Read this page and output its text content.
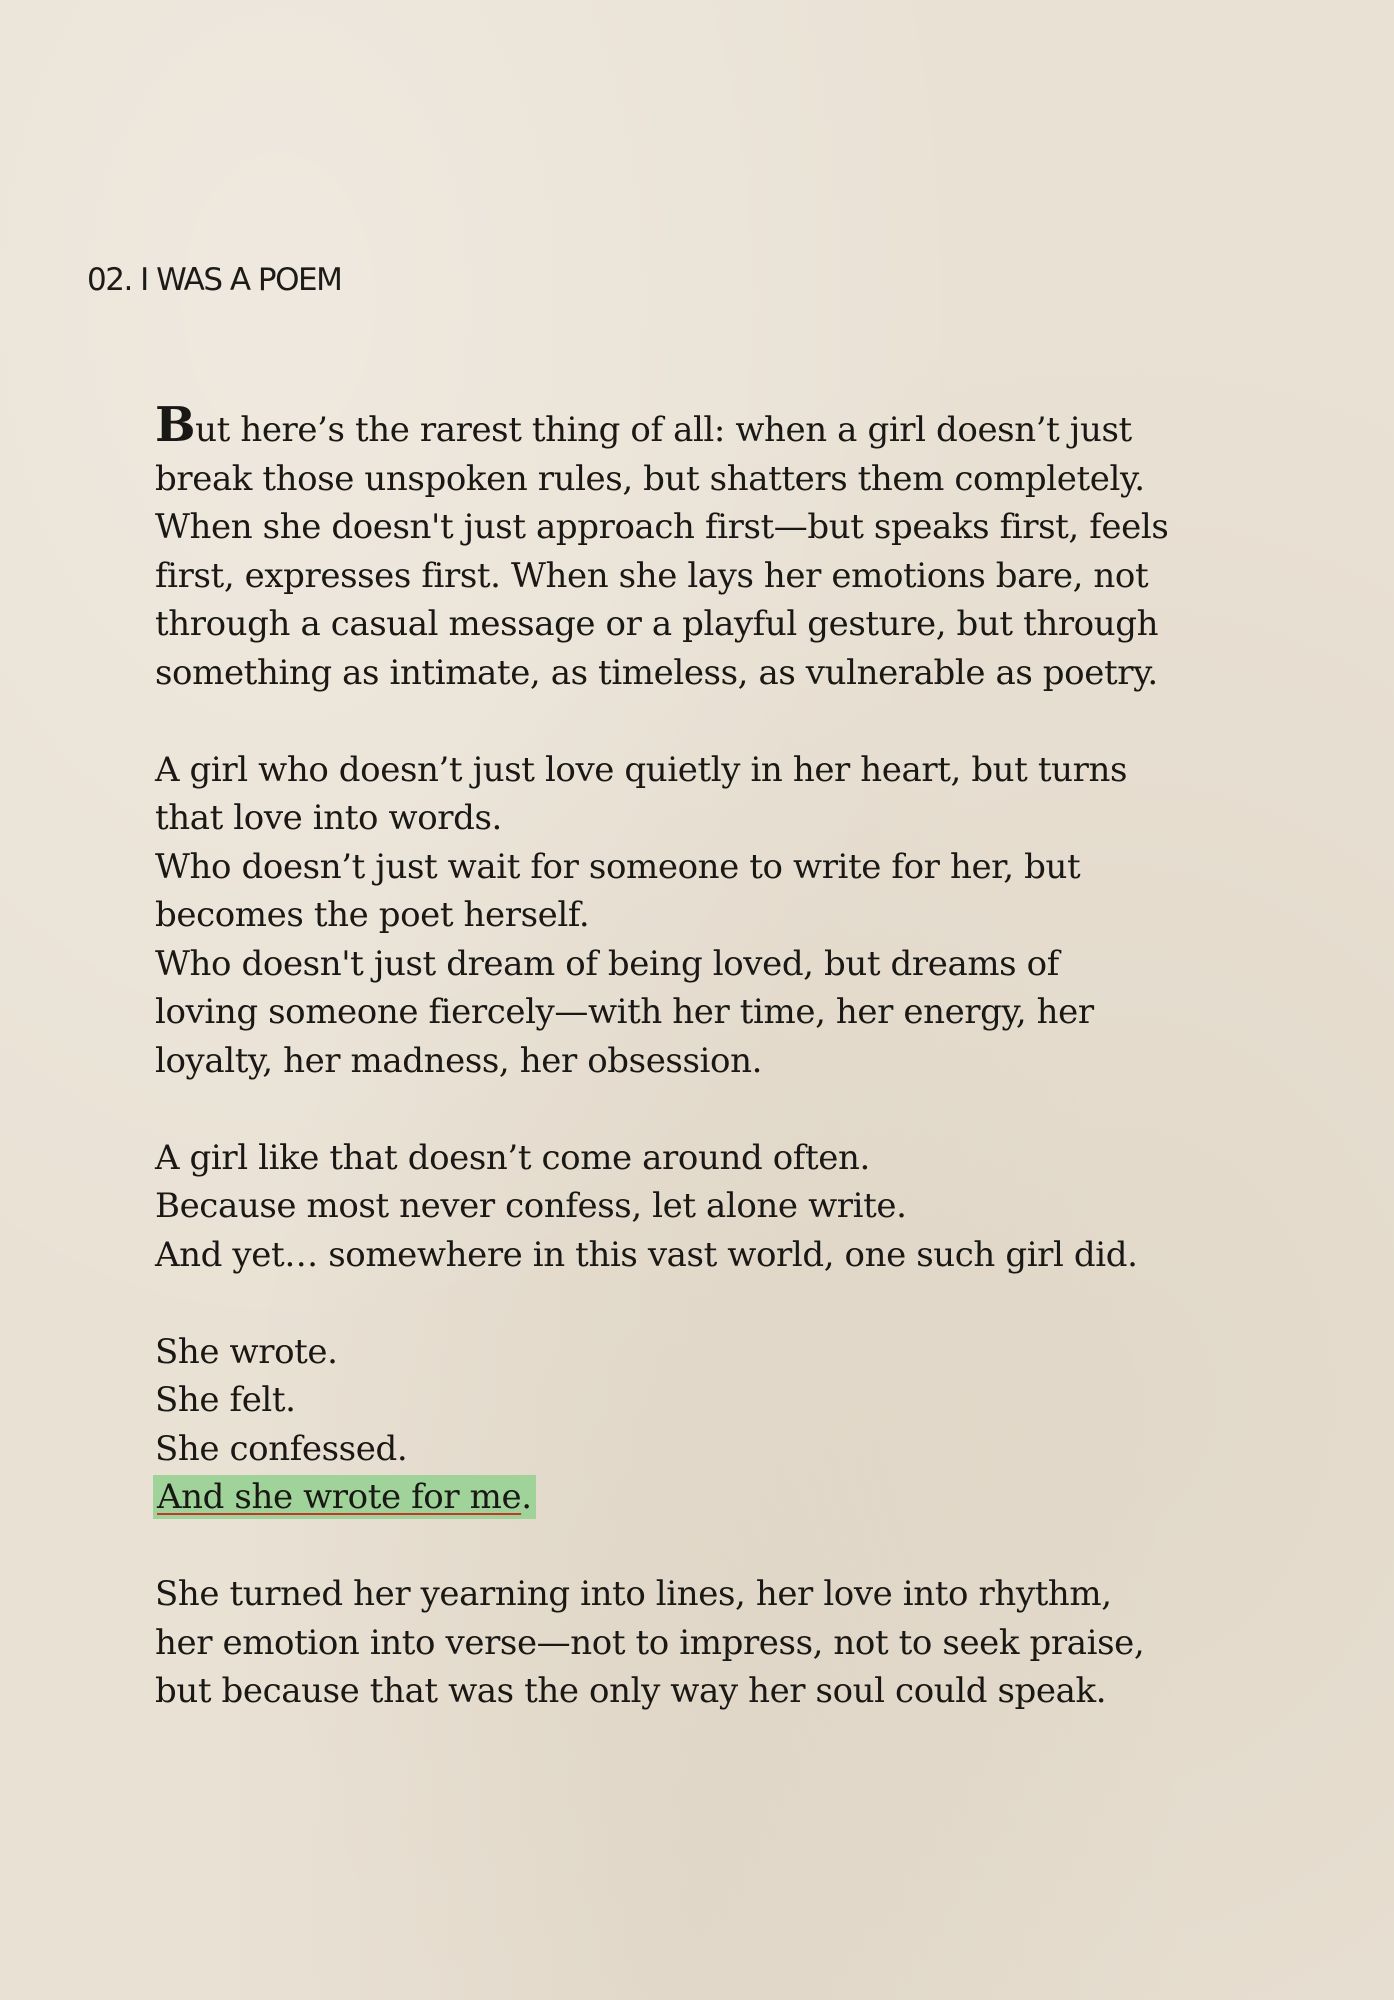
02. I WAS A POEM

But here’s the rarest thing of all: when a girl doesn’t just
break those unspoken rules, but shatters them completely.
When she doesn't just approach first—but speaks first, feels
first, expresses first. When she lays her emotions bare, not
through a casual message or a playful gesture, but through
something as intimate, as timeless, as vulnerable as poetry.

A girl who doesn’t just love quietly in her heart, but turns
that love into words.
Who doesn’t just wait for someone to write for her, but
becomes the poet herself.
Who doesn't just dream of being loved, but dreams of
loving someone fiercely—with her time, her energy, her
loyalty, her madness, her obsession.

A girl like that doesn’t come around often.
Because most never confess, let alone write.
And yet… somewhere in this vast world, one such girl did.

She wrote.
She felt.
She confessed.
And she wrote for me.

She turned her yearning into lines, her love into rhythm,
her emotion into verse—not to impress, not to seek praise,
but because that was the only way her soul could speak.
